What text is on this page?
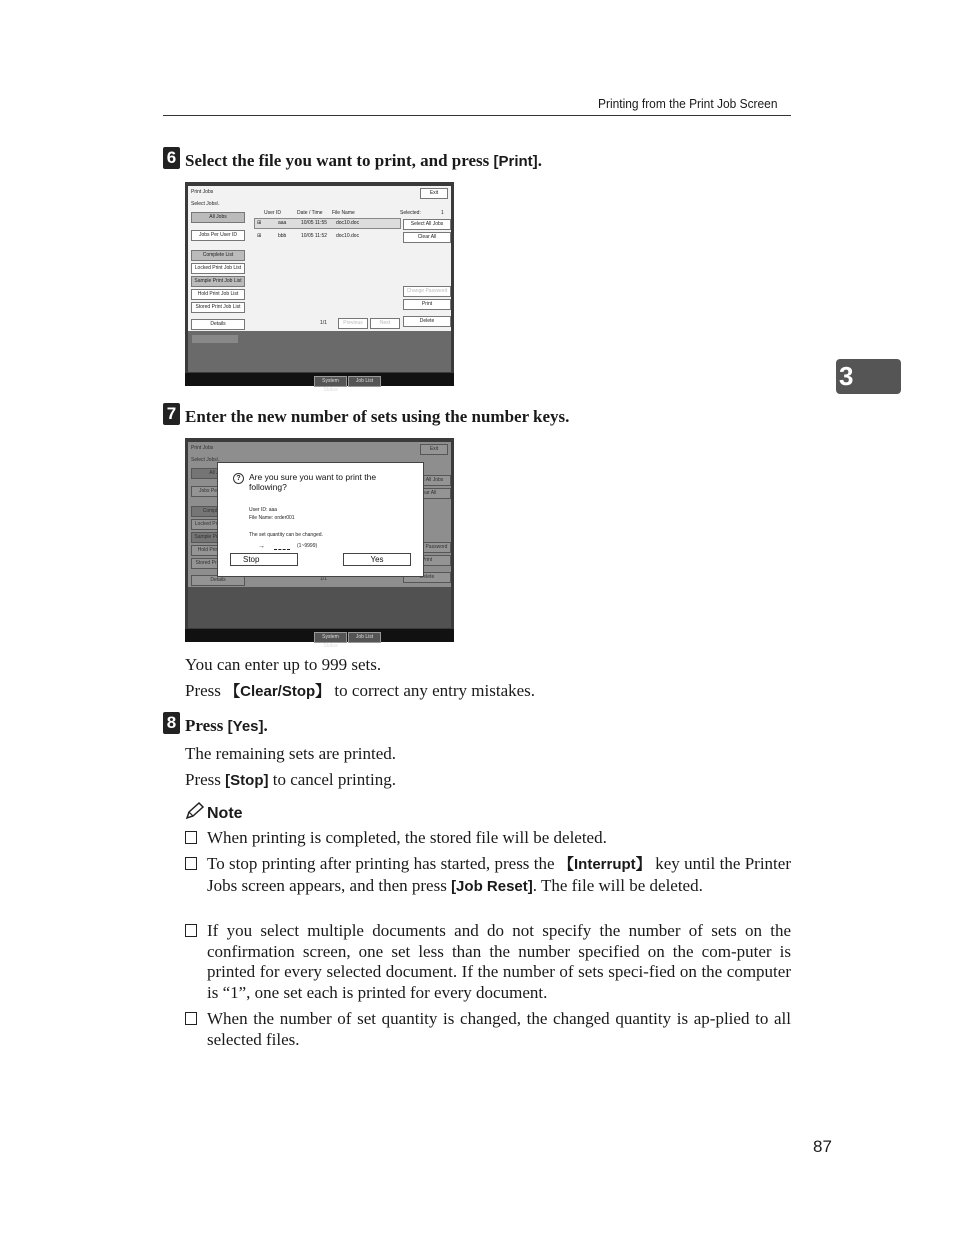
Printing from the Print Job Screen
3
6 Select the file you want to print, and press [Print].
Print Jobs	Exit
Select Jobs\.
All Jobs
Jobs Per User ID
Complete List
Locked Print Job List
Sample Print Job List
Hold Print Job List
Stored Print Job List
Details
User ID	Date / Time File Name	Selected:	1
⊞	aaa	10/05 11:55 doc10.doc
⊞	bbb	10/05 11:52 doc10.doc
Select All Jobs
Clear All
Change Password
Print
Delete
1/1	Previous	Next
System Status
Job List
7 Enter the new number of sets using the number keys.
? Are you sure you want to print the following?
User ID: aaa
File Name: order001
The set quantity can be changed.
→	(1~9999)
Stop	Yes
System Status
Job List
You can enter up to 999 sets.
Press 【Clear/Stop】 to correct any entry mistakes.
8 Press [Yes].
The remaining sets are printed.
Press [Stop] to cancel printing.
Note
When printing is completed, the stored file will be deleted.
To stop printing after printing has started, press the 【Interrupt】 key until the Printer Jobs screen appears, and then press [Job Reset]. The file will be deleted.
If you select multiple documents and do not specify the number of sets on the confirmation screen, one set less than the number specified on the com-puter is printed for every selected document. If the number of sets speci-fied on the computer is “1”, one set each is printed for every document.
When the number of set quantity is changed, the changed quantity is ap-plied to all selected files.
87
